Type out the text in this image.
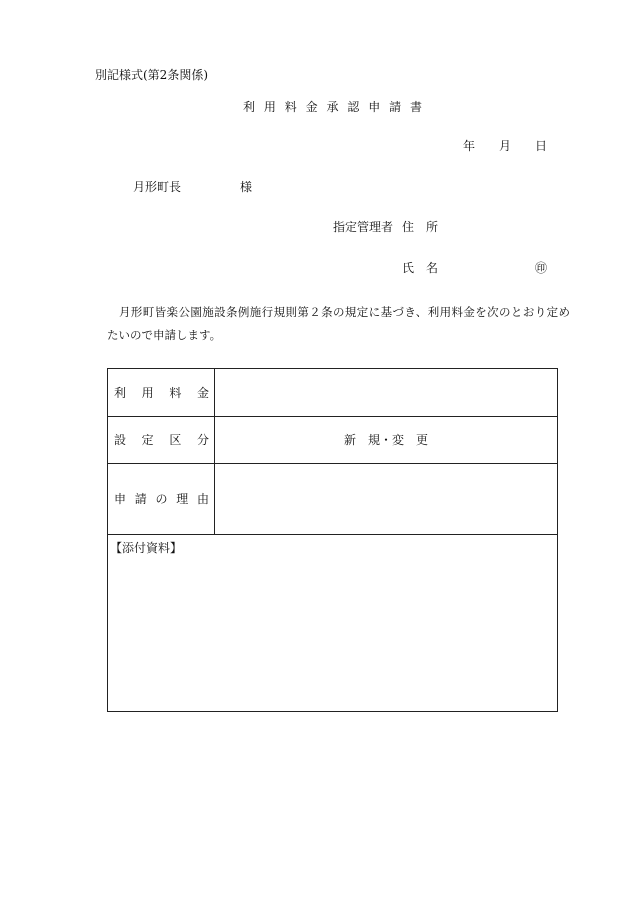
別記様式(第2条関係)
利 用 料 金 承 認 申 請 書
年　　月　　日
月形町長	様
指定管理者 住　所
氏　名	㊞
月形町皆楽公園施設条例施行規則第２条の規定に基づき、利用料金を次のとおり定め
たいので申請します。
利　用　料　金
設　定　区　分	新　規・変　更
申 請 の 理 由
【添付資料】
